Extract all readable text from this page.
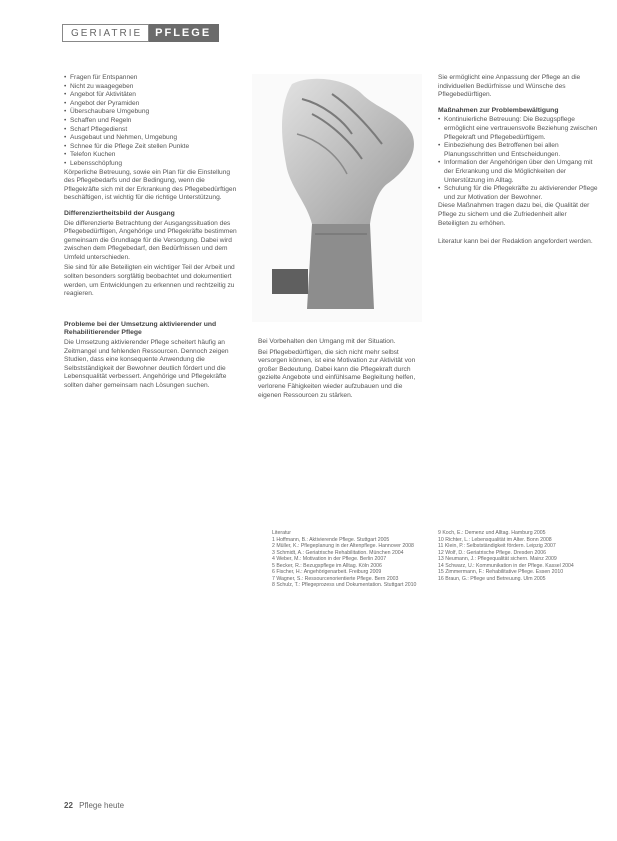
GERIATRIE	PFLEGE
• Fragen für Entspannen
• Nicht zu waagegeben
• Angebot für Aktivitäten
• Angebot der Pyramiden
• Überschaubare Umgebung
• Schaffen und Regeln
• Scharf Pflegedienst
• Ausgebaut und Nehmen, Umgebung
• Schnee für die Pflege Zeit stellen Punkte
• Telefon Kuchen
• Lebensschöpfung

Körperliche Betreuung, sowie ein Plan für die Einstellung des Pflegebedarfs und der Bedingung, wenn die Pflegekräfte sich mit der Erkrankung des Pflegebedürftigen beschäftigen, ist wichtig für die richtige Unterstützung.

Differenziertheitsbild der Ausgang

Die differenzierte Betrachtung der Ausgangssituation des Pflegebedürftigen, Angehörige und Pflegekräfte bestimmen gemeinsam die Grundlage für die Versorgung. Dabei wird zwischen dem Pflegebedarf, den Bedürfnissen und dem Umfeld unterschieden.

Sie sind für alle Beteiligten ein wichtiger Teil der Arbeit und sollten besonders sorgfältig beobachtet und dokumentiert werden, um Entwicklungen zu erkennen und rechtzeitig zu reagieren.

Probleme bei der Umsetzung aktivierender und Rehabilitierender Pflege

Die Umsetzung aktivierender Pflege scheitert häufig an Zeitmangel und fehlenden Ressourcen. Dennoch zeigen Studien, dass eine konsequente Anwendung die Selbstständigkeit der Bewohner deutlich fördert und die Lebensqualität verbessert. Angehörige und Pflegekräfte sollten daher gemeinsam nach Lösungen suchen.

Bei Vorbehalten den Umgang mit der Situation.

Bei Pflegebedürftigen, die sich nicht mehr selbst versorgen können, ist eine Motivation zur Aktivität von großer Bedeutung. Dabei kann die Pflegekraft durch gezielte Angebote und einfühlsame Begleitung helfen, verlorene Fähigkeiten wieder aufzubauen und die eigenen Ressourcen zu stärken.

Sie ermöglicht eine Anpassung der Pflege an die individuellen Bedürfnisse und Wünsche des Pflegebedürftigen.

Maßnahmen zur Problembewältigung
• Kontinuierliche Betreuung: Die Bezugspflege ermöglicht eine vertrauensvolle Beziehung zwischen Pflegekraft und Pflegebedürftigem.
• Einbeziehung des Betroffenen bei allen Planungsschritten und Entscheidungen.
• Information der Angehörigen über den Umgang mit der Erkrankung und die Möglichkeiten der Unterstützung im Alltag.
• Schulung für die Pflegekräfte zu aktivierender Pflege und zur Motivation der Bewohner.

Diese Maßnahmen tragen dazu bei, die Qualität der Pflege zu sichern und die Zufriedenheit aller Beteiligten zu erhöhen.

Literatur kann bei der Redaktion angefordert werden.

Literatur

1 Hoffmann, B.: Aktivierende Pflege. Stuttgart 2005

2 Müller, K.: Pflegeplanung in der Altenpflege. Hannover 2008

3 Schmidt, A.: Geriatrische Rehabilitation. München 2004

4 Weber, M.: Motivation in der Pflege. Berlin 2007

5 Becker, R.: Bezugspflege im Alltag. Köln 2006

6 Fischer, H.: Angehörigenarbeit. Freiburg 2009

7 Wagner, S.: Ressourcenorientierte Pflege. Bern 2003

8 Schulz, T.: Pflegeprozess und Dokumentation. Stuttgart 2010

9 Koch, E.: Demenz und Alltag. Hamburg 2005

10 Richter, L.: Lebensqualität im Alter. Bonn 2008

11 Klein, P.: Selbstständigkeit fördern. Leipzig 2007

12 Wolf, D.: Geriatrische Pflege. Dresden 2006

13 Neumann, J.: Pflegequalität sichern. Mainz 2009

14 Schwarz, U.: Kommunikation in der Pflege. Kassel 2004

15 Zimmermann, F.: Rehabilitative Pflege. Essen 2010

16 Braun, G.: Pflege und Betreuung. Ulm 2005

22 Pflege heute
